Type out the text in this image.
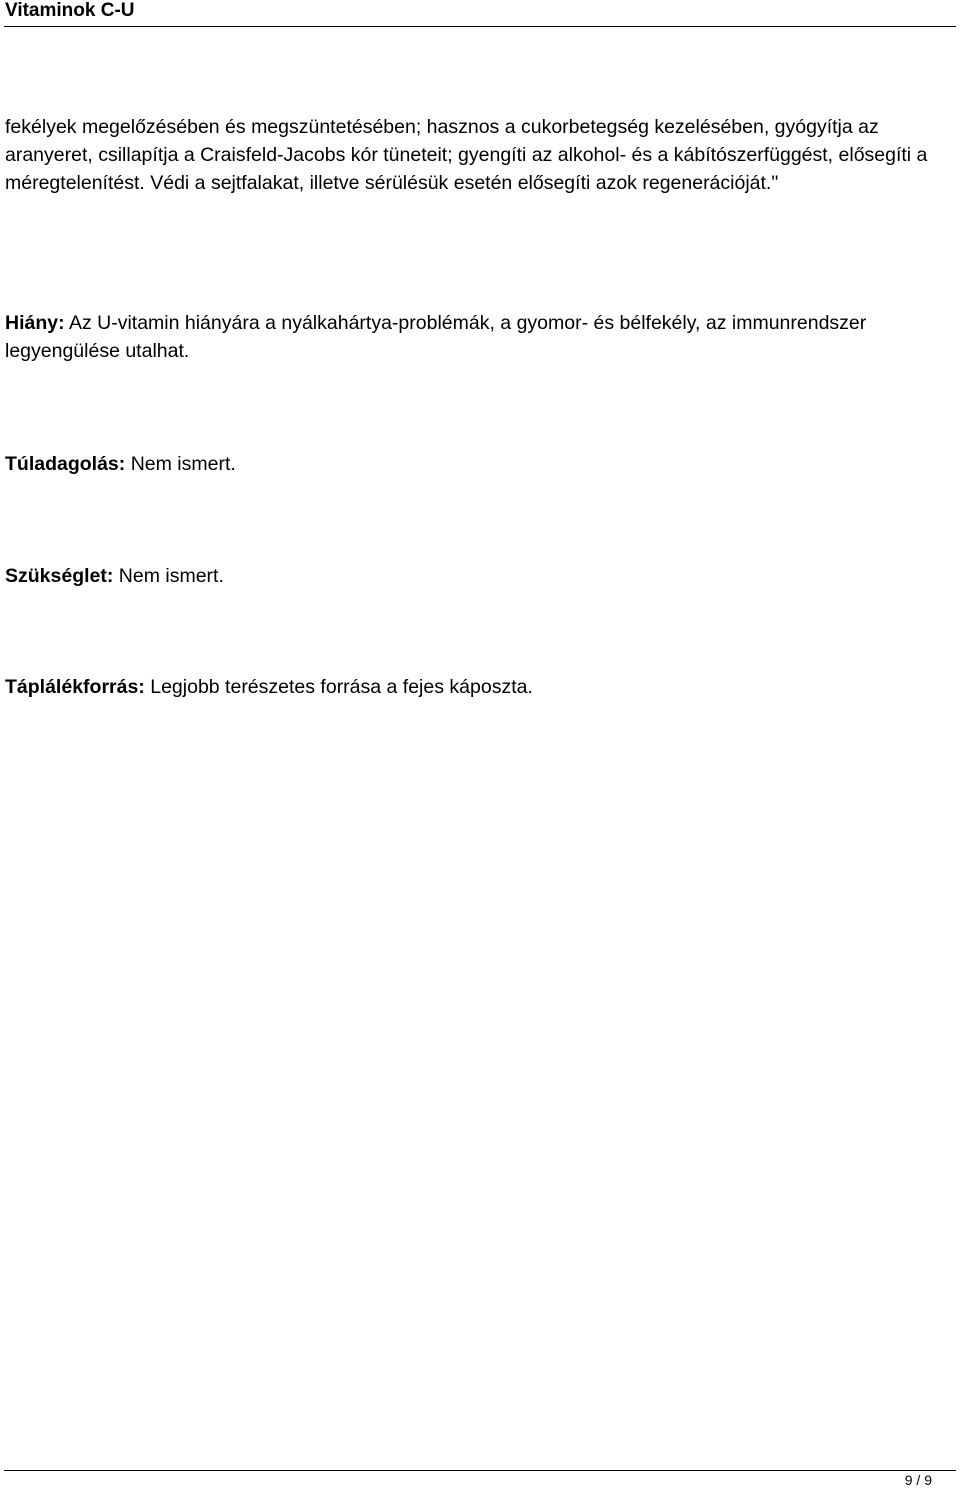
Vitaminok C-U

fekélyek megelőzésében és megszüntetésében; hasznos a cukorbetegség kezelésében, gyógyítja az aranyeret, csillapítja a Craisfeld-Jacobs kór tüneteit; gyengíti az alkohol- és a kábítószerfüggést, elősegíti a méregtelenítést. Védi a sejtfalakat, illetve sérülésük esetén elősegíti azok regenerációját."

Hiány: Az U-vitamin hiányára a nyálkahártya-problémák, a gyomor- és bélfekély, az immunrendszer legyengülése utalhat.

Túladagolás: Nem ismert.

Szükséglet: Nem ismert.

Táplálékforrás: Legjobb terészetes forrása a fejes káposzta.

9 / 9
